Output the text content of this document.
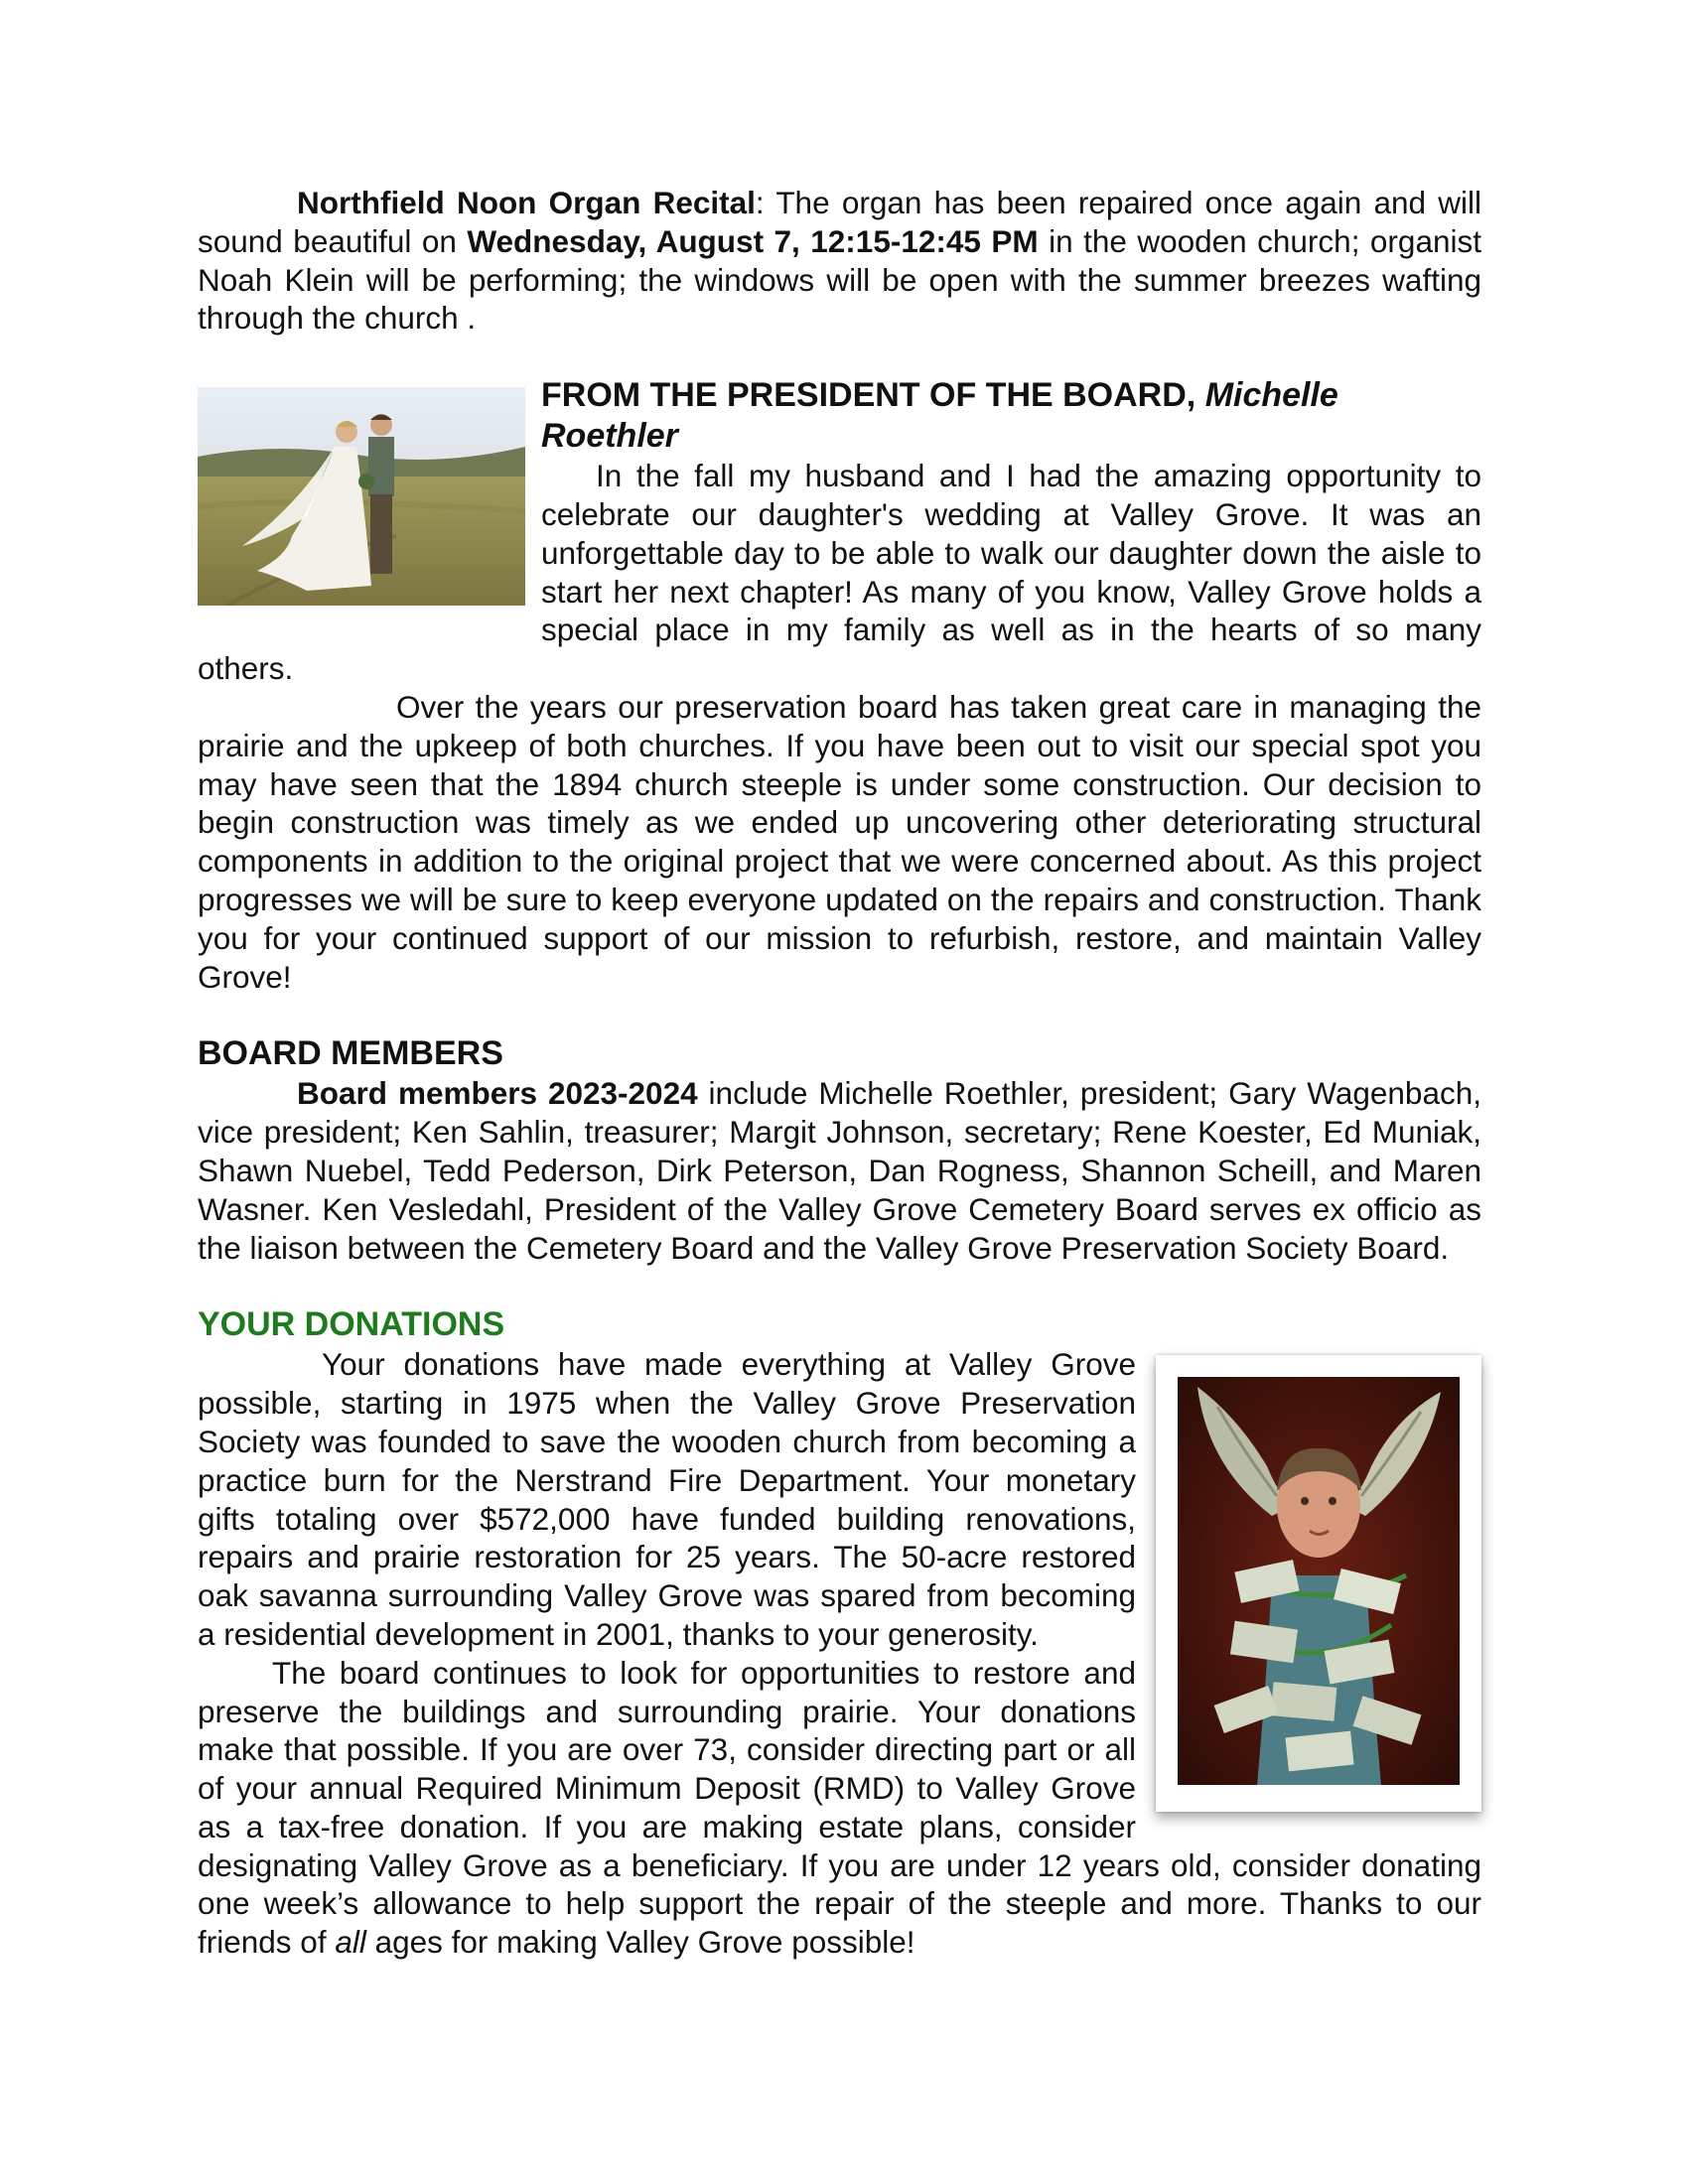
Northfield Noon Organ Recital: The organ has been repaired once again and will sound beautiful on Wednesday, August 7, 12:15-12:45 PM in the wooden church; organist Noah Klein will be performing; the windows will be open with the summer breezes wafting through the church .

FROM THE PRESIDENT OF THE BOARD, Michelle Roethler

In the fall my husband and I had the amazing opportunity to celebrate our daughter's wedding at Valley Grove. It was an unforgettable day to be able to walk our daughter down the aisle to start her next chapter! As many of you know, Valley Grove holds a special place in my family as well as in the hearts of so many others.

Over the years our preservation board has taken great care in managing the prairie and the upkeep of both churches. If you have been out to visit our special spot you may have seen that the 1894 church steeple is under some construction. Our decision to begin construction was timely as we ended up uncovering other deteriorating structural components in addition to the original project that we were concerned about. As this project progresses we will be sure to keep everyone updated on the repairs and construction. Thank you for your continued support of our mission to refurbish, restore, and maintain Valley Grove!

BOARD MEMBERS

Board members 2023-2024 include Michelle Roethler, president; Gary Wagenbach, vice president; Ken Sahlin, treasurer; Margit Johnson, secretary; Rene Koester, Ed Muniak, Shawn Nuebel, Tedd Pederson, Dirk Peterson, Dan Rogness, Shannon Scheill, and Maren Wasner. Ken Vesledahl, President of the Valley Grove Cemetery Board serves ex officio as the liaison between the Cemetery Board and the Valley Grove Preservation Society Board.

YOUR DONATIONS

Your donations have made everything at Valley Grove possible, starting in 1975 when the Valley Grove Preservation Society was founded to save the wooden church from becoming a practice burn for the Nerstrand Fire Department. Your monetary gifts totaling over $572,000 have funded building renovations, repairs and prairie restoration for 25 years. The 50-acre restored oak savanna surrounding Valley Grove was spared from becoming a residential development in 2001, thanks to your generosity.

The board continues to look for opportunities to restore and preserve the buildings and surrounding prairie. Your donations make that possible. If you are over 73, consider directing part or all of your annual Required Minimum Deposit (RMD) to Valley Grove as a tax-free donation. If you are making estate plans, consider designating Valley Grove as a beneficiary. If you are under 12 years old, consider donating one week’s allowance to help support the repair of the steeple and more. Thanks to our friends of all ages for making Valley Grove possible!
